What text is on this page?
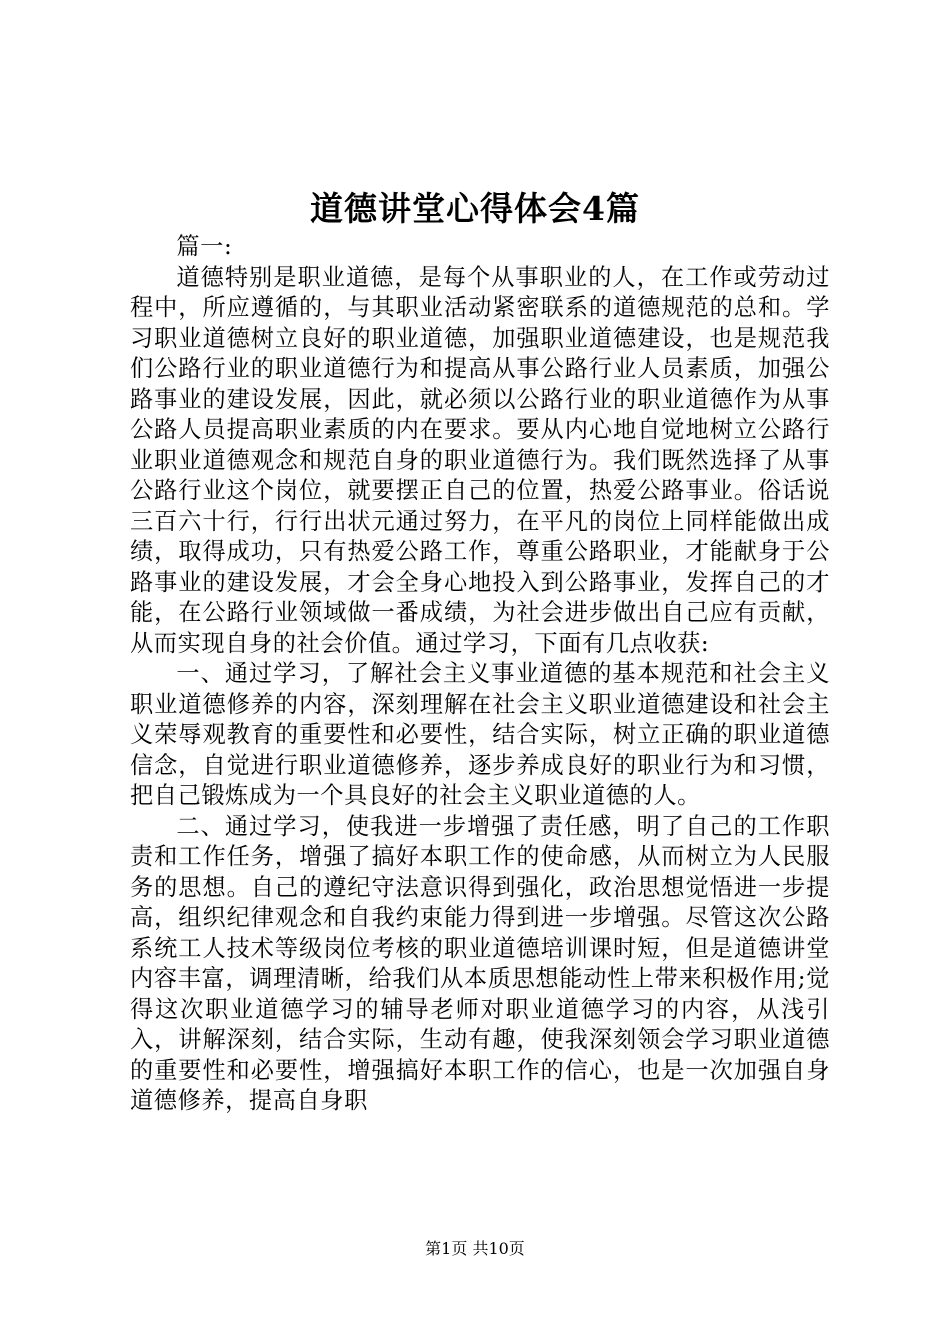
道德讲堂心得体会4篇

篇一:

道德特别是职业道德，是每个从事职业的人，在工作或劳动过程中，所应遵循的，与其职业活动紧密联系的道德规范的总和。学习职业道德树立良好的职业道德，加强职业道德建设，也是规范我们公路行业的职业道德行为和提高从事公路行业人员素质，加强公路事业的建设发展，因此，就必须以公路行业的职业道德作为从事公路人员提高职业素质的内在要求。要从内心地自觉地树立公路行业职业道德观念和规范自身的职业道德行为。我们既然选择了从事公路行业这个岗位，就要摆正自己的位置，热爱公路事业。俗话说三百六十行，行行出状元通过努力，在平凡的岗位上同样能做出成绩，取得成功，只有热爱公路工作，尊重公路职业，才能献身于公路事业的建设发展，才会全身心地投入到公路事业，发挥自己的才能，在公路行业领域做一番成绩，为社会进步做出自己应有贡献，从而实现自身的社会价值。通过学习，下面有几点收获:

一、通过学习，了解社会主义事业道德的基本规范和社会主义职业道德修养的内容，深刻理解在社会主义职业道德建设和社会主义荣辱观教育的重要性和必要性，结合实际，树立正确的职业道德信念，自觉进行职业道德修养，逐步养成良好的职业行为和习惯，把自己锻炼成为一个具良好的社会主义职业道德的人。

二、通过学习，使我进一步增强了责任感，明了自己的工作职责和工作任务，增强了搞好本职工作的使命感，从而树立为人民服务的思想。自己的遵纪守法意识得到强化，政治思想觉悟进一步提高，组织纪律观念和自我约束能力得到进一步增强。尽管这次公路系统工人技术等级岗位考核的职业道德培训课时短，但是道德讲堂内容丰富，调理清晰，给我们从本质思想能动性上带来积极作用;觉得这次职业道德学习的辅导老师对职业道德学习的内容，从浅引入，讲解深刻，结合实际，生动有趣，使我深刻领会学习职业道德的重要性和必要性，增强搞好本职工作的信心，也是一次加强自身道德修养，提高自身职

第1页 共10页
